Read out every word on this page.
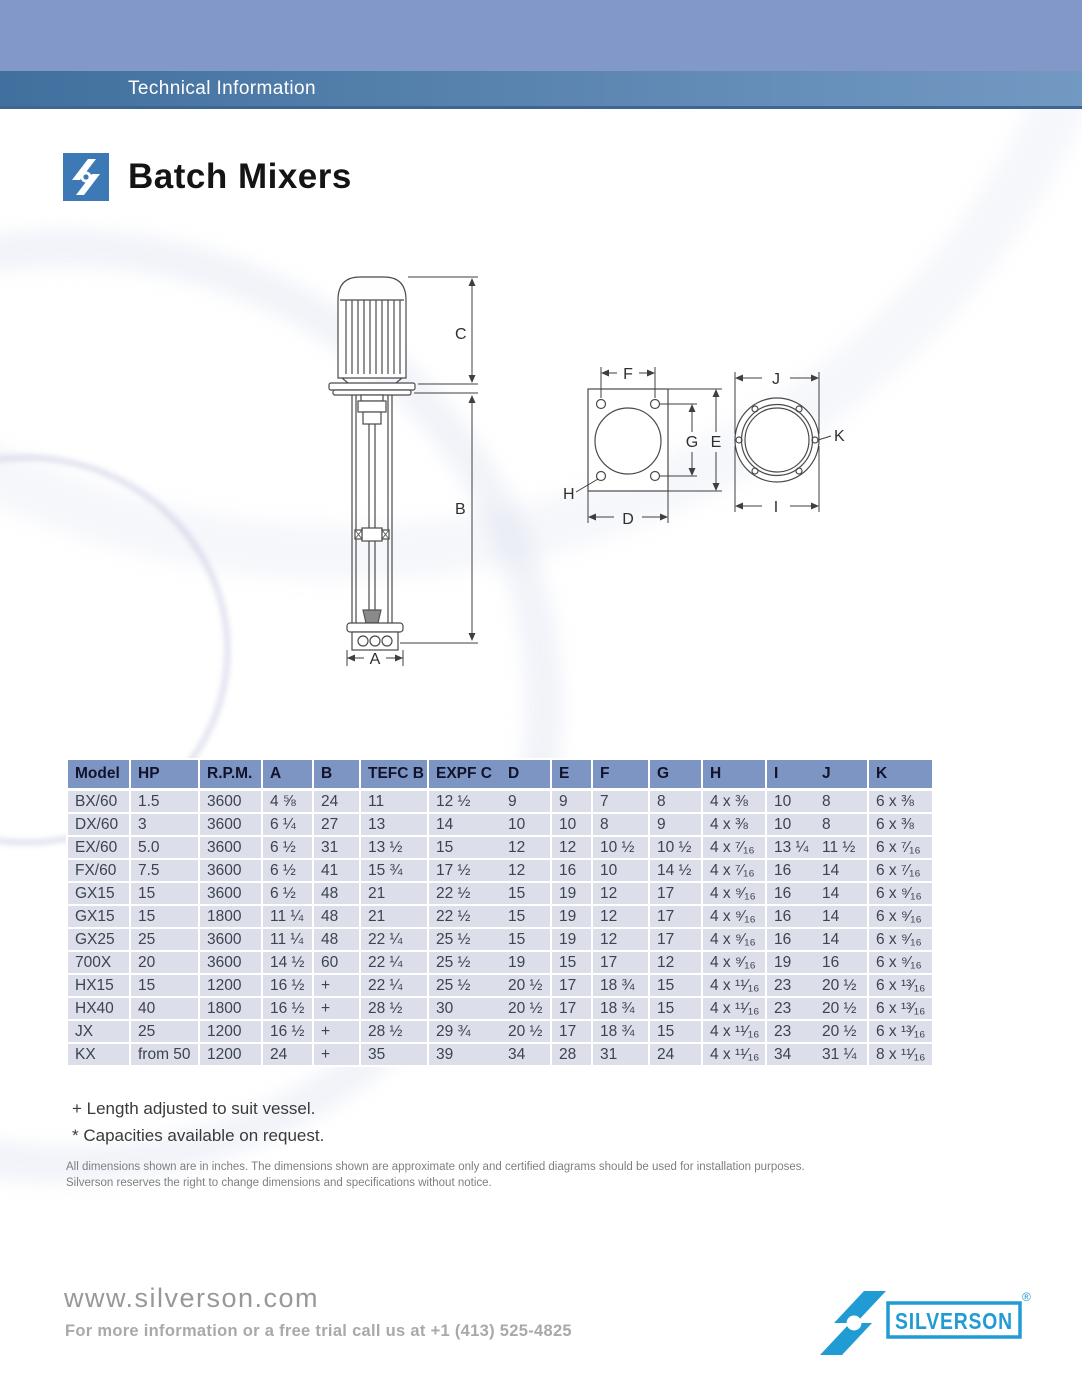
Technical Information
Batch Mixers
C
B
A
F
G E
H
D
J
K
I
Model	HP	R.P.M.	A	B	TEFC B	EXPF C	D	E	F	G	H	I	J	K
BX/60	1.5	3600	4 ⅝	24	11	12 ½	9	9	7	8	4 x ⅜	10	8	6 x ⅜
DX/60	3	3600	6 ¼	27	13	14	10	10	8	9	4 x ⅜	10	8	6 x ⅜
EX/60	5.0	3600	6 ½	31	13 ½	15	12	12	10 ½	10 ½	4 x ⁷⁄₁₆	13 ¼	11 ½	6 x ⁷⁄₁₆
FX/60	7.5	3600	6 ½	41	15 ¾	17 ½	12	16	10	14 ½	4 x ⁷⁄₁₆	16	14	6 x ⁷⁄₁₆
GX15	15	3600	6 ½	48	21	22 ½	15	19	12	17	4 x ⁹⁄₁₆	16	14	6 x ⁹⁄₁₆
GX15	15	1800	11 ¼	48	21	22 ½	15	19	12	17	4 x ⁹⁄₁₆	16	14	6 x ⁹⁄₁₆
GX25	25	3600	11 ¼	48	22 ¼	25 ½	15	19	12	17	4 x ⁹⁄₁₆	16	14	6 x ⁹⁄₁₆
700X	20	3600	14 ½	60	22 ¼	25 ½	19	15	17	12	4 x ⁹⁄₁₆	19	16	6 x ⁹⁄₁₆
HX15	15	1200	16 ½	+	22 ¼	25 ½	20 ½	17	18 ¾	15	4 x ¹¹⁄₁₆	23	20 ½	6 x ¹³⁄₁₆
HX40	40	1800	16 ½	+	28 ½	30	20 ½	17	18 ¾	15	4 x ¹¹⁄₁₆	23	20 ½	6 x ¹³⁄₁₆
JX	25	1200	16 ½	+	28 ½	29 ¾	20 ½	17	18 ¾	15	4 x ¹¹⁄₁₆	23	20 ½	6 x ¹³⁄₁₆
KX	from 50	1200	24	+	35	39	34	28	31	24	4 x ¹¹⁄₁₆	34	31 ¼	8 x ¹¹⁄₁₆
+ Length adjusted to suit vessel.
* Capacities available on request.
All dimensions shown are in inches. The dimensions shown are approximate only and certified diagrams should be used for installation purposes.
Silverson reserves the right to change dimensions and specifications without notice.
www.silverson.com
For more information or a free trial call us at +1 (413) 525-4825	SILVERSON
®
